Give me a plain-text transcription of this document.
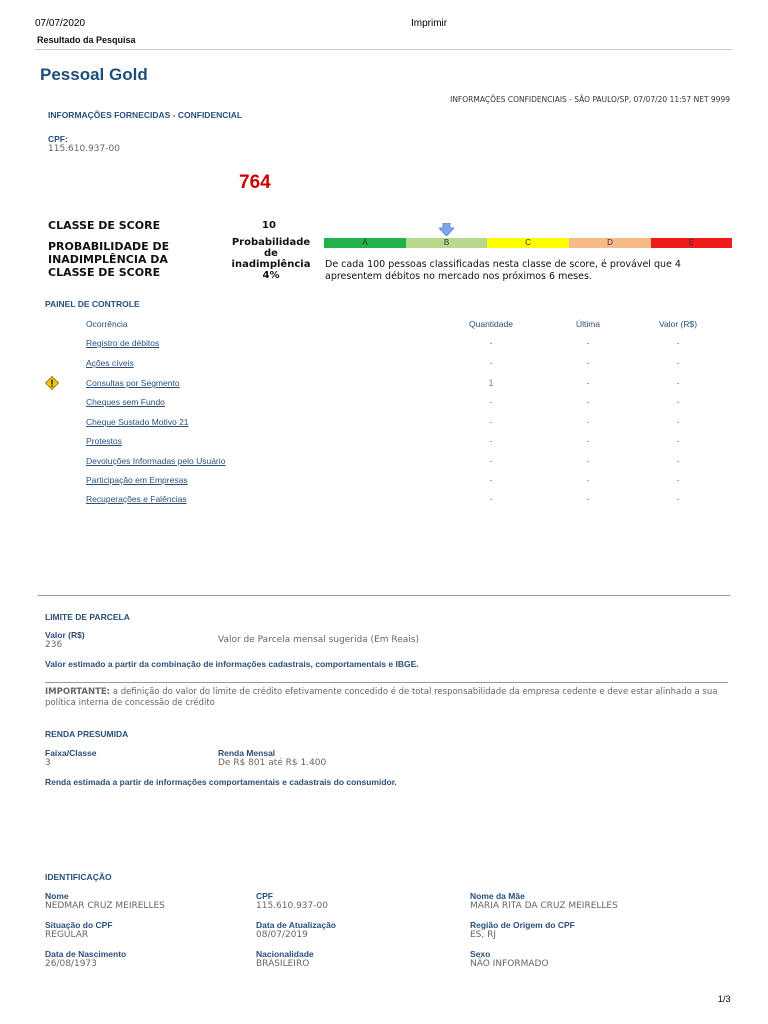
07/07/2020	Imprimir
Resultado da Pesquisa
Pessoal Gold
INFORMAÇÕES CONFIDENCIAIS - SÃO PAULO/SP, 07/07/20 11:57 NET 9999
INFORMAÇÕES FORNECIDAS - CONFIDENCIAL
CPF:
115.610.937-00
764
CLASSE DE SCORE	10
PROBABILIDADE DE INADIMPLÊNCIA DA CLASSE DE SCORE
Probabilidade
de
inadimplência
4%
A	B	C	D	E
De cada 100 pessoas classificadas nesta classe de score, é provável que 4 apresentem débitos no mercado nos próximos 6 meses.
PAINEL DE CONTROLE
Ocorrência	Quantidade	Última	Valor (R$)
Registro de débitos	-	-	-
Ações cíveis	-	-	-
Consultas por Segmento	1	-	-
Cheques sem Fundo	-	-	-
Cheque Sustado Motivo 21	-	-	-
Protestos	-	-	-
Devoluções Informadas pelo Usuário	-	-	-
Participação em Empresas	-	-	-
Recuperações e Falências	-	-	-
LIMITE DE PARCELA
Valor (R$)
236	Valor de Parcela mensal sugerida (Em Reais)
Valor estimado a partir da combinação de informações cadastrais, comportamentais e IBGE.
IMPORTANTE: a definição do valor do limite de crédito efetivamente concedido é de total responsabilidade da empresa cedente e deve estar alinhado a sua política interna de concessão de crédito
RENDA PRESUMIDA
Faixa/Classe
3
Renda Mensal
De R$ 801 até R$ 1.400
Renda estimada a partir de informações comportamentais e cadastrais do consumidor.
IDENTIFICAÇÃO
Nome
NEDMAR CRUZ MEIRELLES
CPF
115.610.937-00
Nome da Mãe
MARIA RITA DA CRUZ MEIRELLES
Situação do CPF
REGULAR
Data de Atualização
08/07/2019
Região de Origem do CPF
ES, RJ
Data de Nascimento
26/08/1973
Nacionalidade
BRASILEIRO
Sexo
NÃO INFORMADO
1/3
